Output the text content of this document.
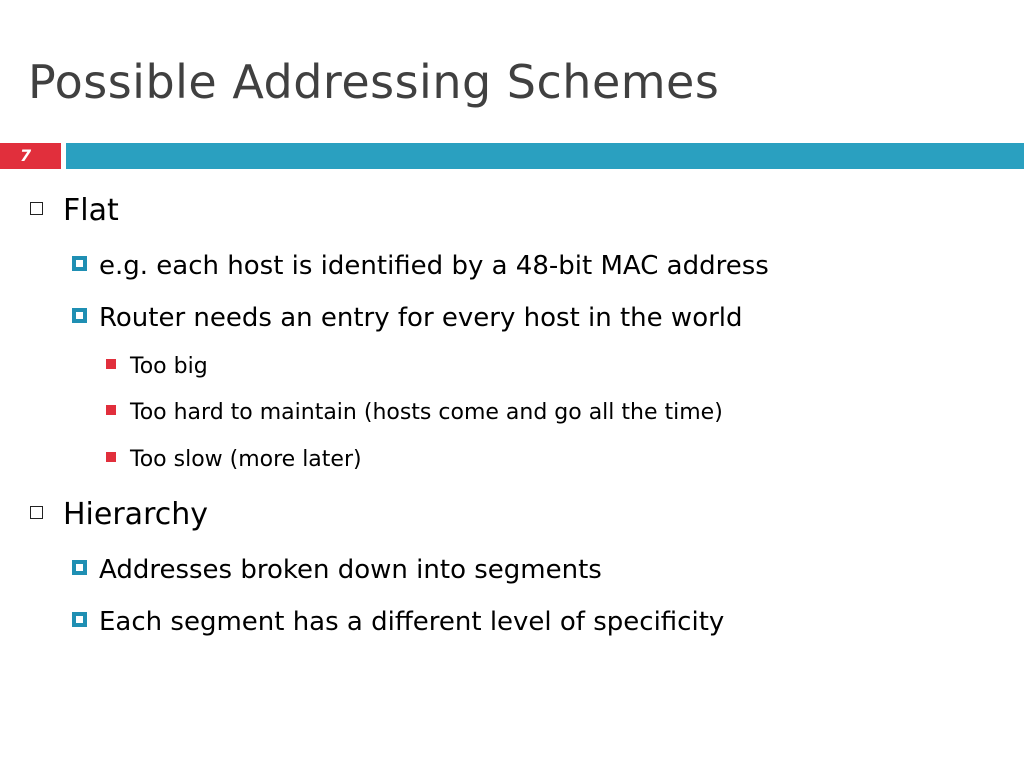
Possible Addressing Schemes
7
Flat
e.g. each host is identified by a 48-bit MAC address
Router needs an entry for every host in the world
Too big
Too hard to maintain (hosts come and go all the time)
Too slow (more later)
Hierarchy
Addresses broken down into segments
Each segment has a different level of specificity
